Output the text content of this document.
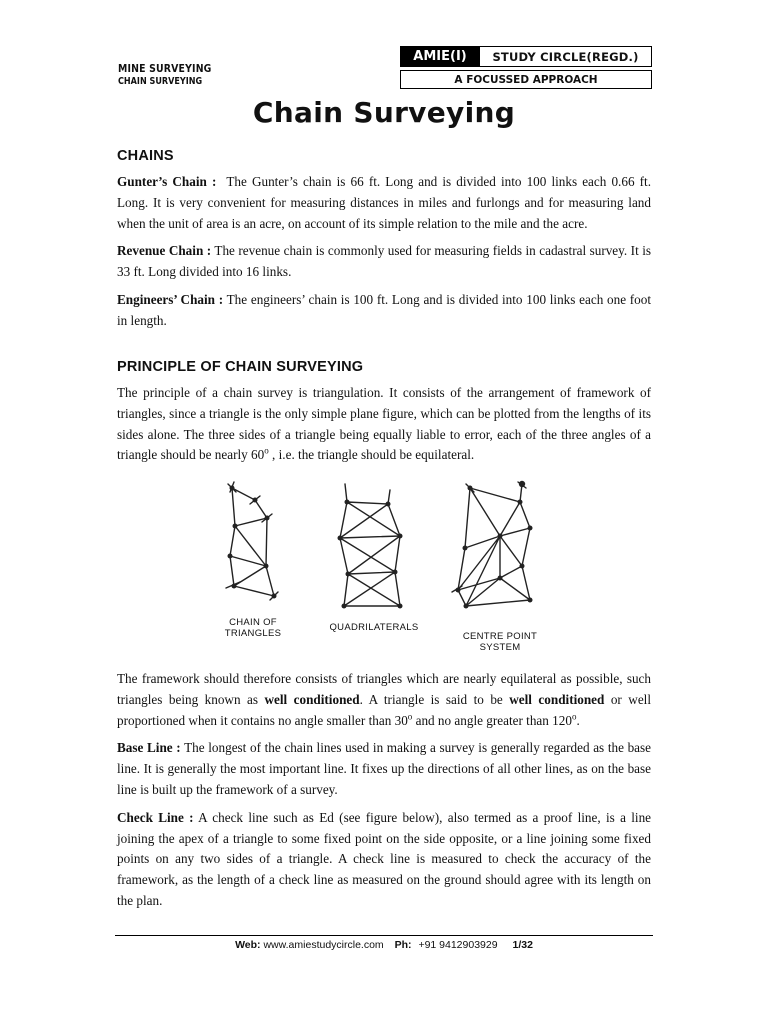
MINE SURVEYING
CHAIN SURVEYING
AMIE(I)	STUDY CIRCLE(REGD.)
A FOCUSSED APPROACH
Chain Surveying
CHAINS

Gunter’s Chain : The Gunter’s chain is 66 ft. Long and is divided into 100 links each 0.66 ft. Long. It is very convenient for measuring distances in miles and furlongs and for measuring land when the unit of area is an acre, on account of its simple relation to the mile and the acre.

Revenue Chain : The revenue chain is commonly used for measuring fields in cadastral survey. It is 33 ft. Long divided into 16 links.

Engineers’ Chain : The engineers’ chain is 100 ft. Long and is divided into 100 links each one foot in length.

PRINCIPLE OF CHAIN SURVEYING

The principle of a chain survey is triangulation. It consists of the arrangement of framework of triangles, since a triangle is the only simple plane figure, which can be plotted from the lengths of its sides alone. The three sides of a triangle being equally liable to error, each of the three angles of a triangle should be nearly 60$^o$ , i.e. the triangle should be equilateral.

CHAIN OF
TRIANGLES
QUADRILATERALS
CENTRE POINT
SYSTEM

The framework should therefore consists of triangles which are nearly equilateral as possible, such triangles being known as well conditioned. A triangle is said to be well conditioned or well proportioned when it contains no angle smaller than 30$^o$ and no angle greater than 120$^o$.

Base Line : The longest of the chain lines used in making a survey is generally regarded as the base line. It is generally the most important line. It fixes up the directions of all other lines, as on the base line is built up the framework of a survey.

Check Line : A check line such as Ed (see figure below), also termed as a proof line, is a line joining the apex of a triangle to some fixed point on the side opposite, or a line joining some fixed points on any two sides of a triangle. A check line is measured to check the accuracy of the framework, as the length of a check line as measured on the ground should agree with its length on the plan.

Web: www.amiestudycircle.com Ph: +91 9412903929 1/32
